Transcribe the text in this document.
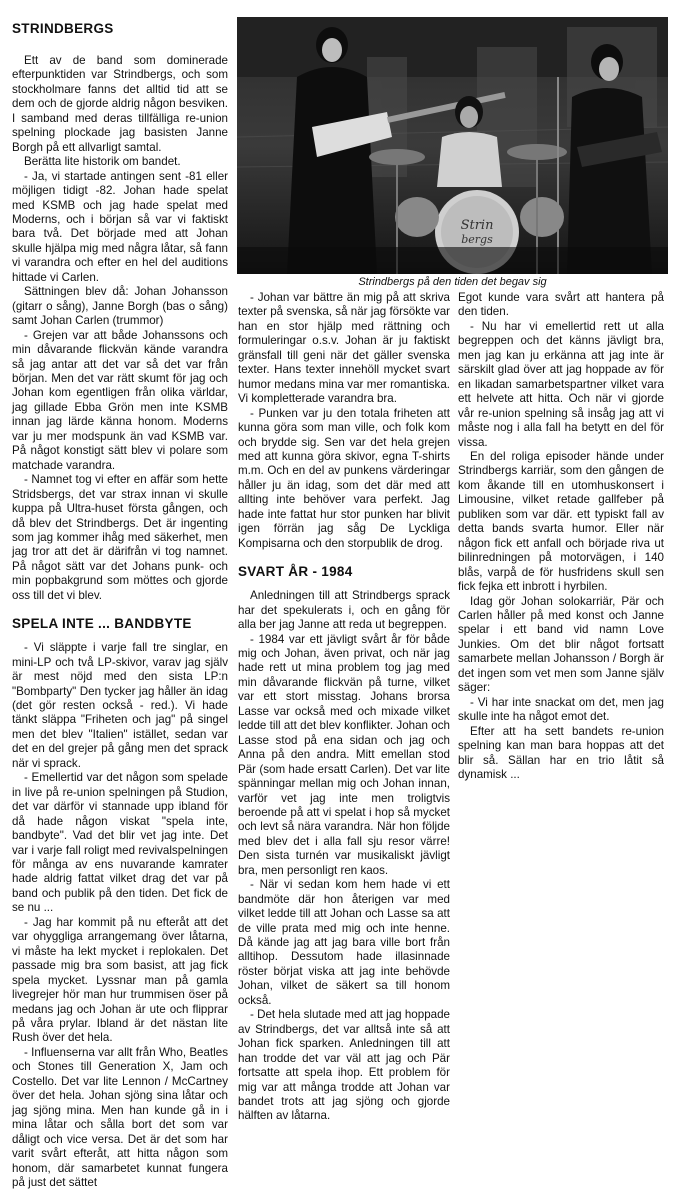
STRINDBERGS

Ett av de band som dominerade efterpunktiden var Strindbergs, och som stockholmare fanns det alltid tid att se dem och de gjorde aldrig någon besviken. I samband med deras tillfälliga re-union spelning plockade jag basisten Janne Borgh på ett allvarligt samtal.

Berätta lite historik om bandet.

- Ja, vi startade antingen sent -81 eller möjligen tidigt -82. Johan hade spelat med KSMB och jag hade spelat med Moderns, och i början så var vi faktiskt bara två. Det började med att Johan skulle hjälpa mig med några låtar, så fann vi varandra och efter en hel del auditions hittade vi Carlen.

Sättningen blev då: Johan Johansson (gitarr o sång), Janne Borgh (bas o sång) samt Johan Carlen (trummor)

- Grejen var att både Johanssons och min dåvarande flickvän kände varandra så jag antar att det var så det var från början. Men det var rätt skumt för jag och Johan kom egentligen från olika världar, jag gillade Ebba Grön men inte KSMB innan jag lärde känna honom. Moderns var ju mer modspunk än vad KSMB var. På något konstigt sätt blev vi polare som matchade varandra.

- Namnet tog vi efter en affär som hette Stridsbergs, det var strax innan vi skulle kuppa på Ultra-huset första gången, och då blev det Strindbergs. Det är ingenting som jag kommer ihåg med säkerhet, men jag tror att det är därifrån vi tog namnet. På något sätt var det Johans punk- och min popbakgrund som möttes och gjorde oss till det vi blev.

SPELA INTE ... BANDBYTE

- Vi släppte i varje fall tre singlar, en mini-LP och två LP-skivor, varav jag själv är mest nöjd med den sista LP:n "Bombparty" Den tycker jag håller än idag (det gör resten också - red.). Vi hade tänkt släppa "Friheten och jag" på singel men det blev "Italien" istället, sedan var det en del grejer på gång men det sprack när vi sprack.

- Emellertid var det någon som spelade in live på re-union spelningen på Studion, det var därför vi stannade upp ibland för då hade någon viskat "spela inte, bandbyte". Vad det blir vet jag inte. Det var i varje fall roligt med revivalspelningen för många av ens nuvarande kamrater hade aldrig fattat vilket drag det var på band och publik på den tiden. Det fick de se nu ...

- Jag har kommit på nu efteråt att det var ohyggliga arrangemang över låtarna, vi måste ha lekt mycket i replokalen. Det passade mig bra som basist, att jag fick spela mycket. Lyssnar man på gamla livegrejer hör man hur trummisen öser på medans jag och Johan är ute och flipprar på våra prylar. Ibland är det nästan lite Rush över det hela.

- Influenserna var allt från Who, Beatles och Stones till Generation X, Jam och Costello. Det var lite Lennon / McCartney över det hela. Johan sjöng sina låtar och jag sjöng mina. Men han kunde gå in i mina låtar och sålla bort det som var dåligt och vice versa. Det är det som har varit svårt efteråt, att hitta någon som honom, där samarbetet kunnat fungera på just det sättet

Strin
bergs
Strindbergs på den tiden det begav sig

- Johan var bättre än mig på att skriva texter på svenska, så när jag försökte var han en stor hjälp med rättning och formuleringar o.s.v. Johan är ju faktiskt gränsfall till geni när det gäller svenska texter. Hans texter innehöll mycket svart humor medans mina var mer romantiska. Vi kompletterade varandra bra.

- Punken var ju den totala friheten att kunna göra som man ville, och folk kom och brydde sig. Sen var det hela grejen med att kunna göra skivor, egna T-shirts m.m. Och en del av punkens värderingar håller ju än idag, som det där med att allting inte behöver vara perfekt. Jag hade inte fattat hur stor punken har blivit igen förrän jag såg De Lyckliga Kompisarna och den storpublik de drog.

SVART ÅR - 1984

Anledningen till att Strindbergs sprack har det spekulerats i, och en gång för alla ber jag Janne att reda ut begreppen.

- 1984 var ett jävligt svårt år för både mig och Johan, även privat, och när jag hade rett ut mina problem tog jag med min dåvarande flickvän på turne, vilket var ett stort misstag. Johans brorsa Lasse var också med och mixade vilket ledde till att det blev konflikter. Johan och Lasse stod på ena sidan och jag och Anna på den andra. Mitt emellan stod Pär (som hade ersatt Carlen). Det var lite spänningar mellan mig och Johan innan, varför vet jag inte men troligtvis beroende på att vi spelat i hop så mycket och levt så nära varandra. När hon följde med blev det i alla fall sju resor värre! Den sista turnén var musikaliskt jävligt bra, men personligt ren kaos.

- När vi sedan kom hem hade vi ett bandmöte där hon återigen var med vilket ledde till att Johan och Lasse sa att de ville prata med mig och inte henne. Då kände jag att jag bara ville bort från alltihop. Dessutom hade illasinnade röster börjat viska att jag inte behövde Johan, vilket de säkert sa till honom också.

- Det hela slutade med att jag hoppade av Strindbergs, det var alltså inte så att Johan fick sparken. Anledningen till att han trodde det var väl att jag och Pär fortsatte att spela ihop. Ett problem för mig var att många trodde att Johan var bandet trots att jag sjöng och gjorde hälften av låtarna.

Egot kunde vara svårt att hantera på den tiden.

- Nu har vi emellertid rett ut alla begreppen och det känns jävligt bra, men jag kan ju erkänna att jag inte är särskilt glad över att jag hoppade av för en likadan samarbetspartner vilket vara ett helvete att hitta. Och när vi gjorde vår re-union spelning så insåg jag att vi måste nog i alla fall ha betytt en del för vissa.

En del roliga episoder hände under Strindbergs karriär, som den gången de kom åkande till en utomhuskonsert i Limousine, vilket retade gallfeber på publiken som var där. ett typiskt fall av detta bands svarta humor. Eller när någon fick ett anfall och började riva ut bilinredningen på motorvägen, i 140 blås, varpå de för husfridens skull sen fick fejka ett inbrott i hyrbilen.

Idag gör Johan solokarriär, Pär och Carlen håller på med konst och Janne spelar i ett band vid namn Love Junkies. Om det blir något fortsatt samarbete mellan Johansson / Borgh är det ingen som vet men som Janne själv säger:

- Vi har inte snackat om det, men jag skulle inte ha något emot det.

Efter att ha sett bandets re-union spelning kan man bara hoppas att det blir så. Sällan har en trio låtit så dynamisk ...
